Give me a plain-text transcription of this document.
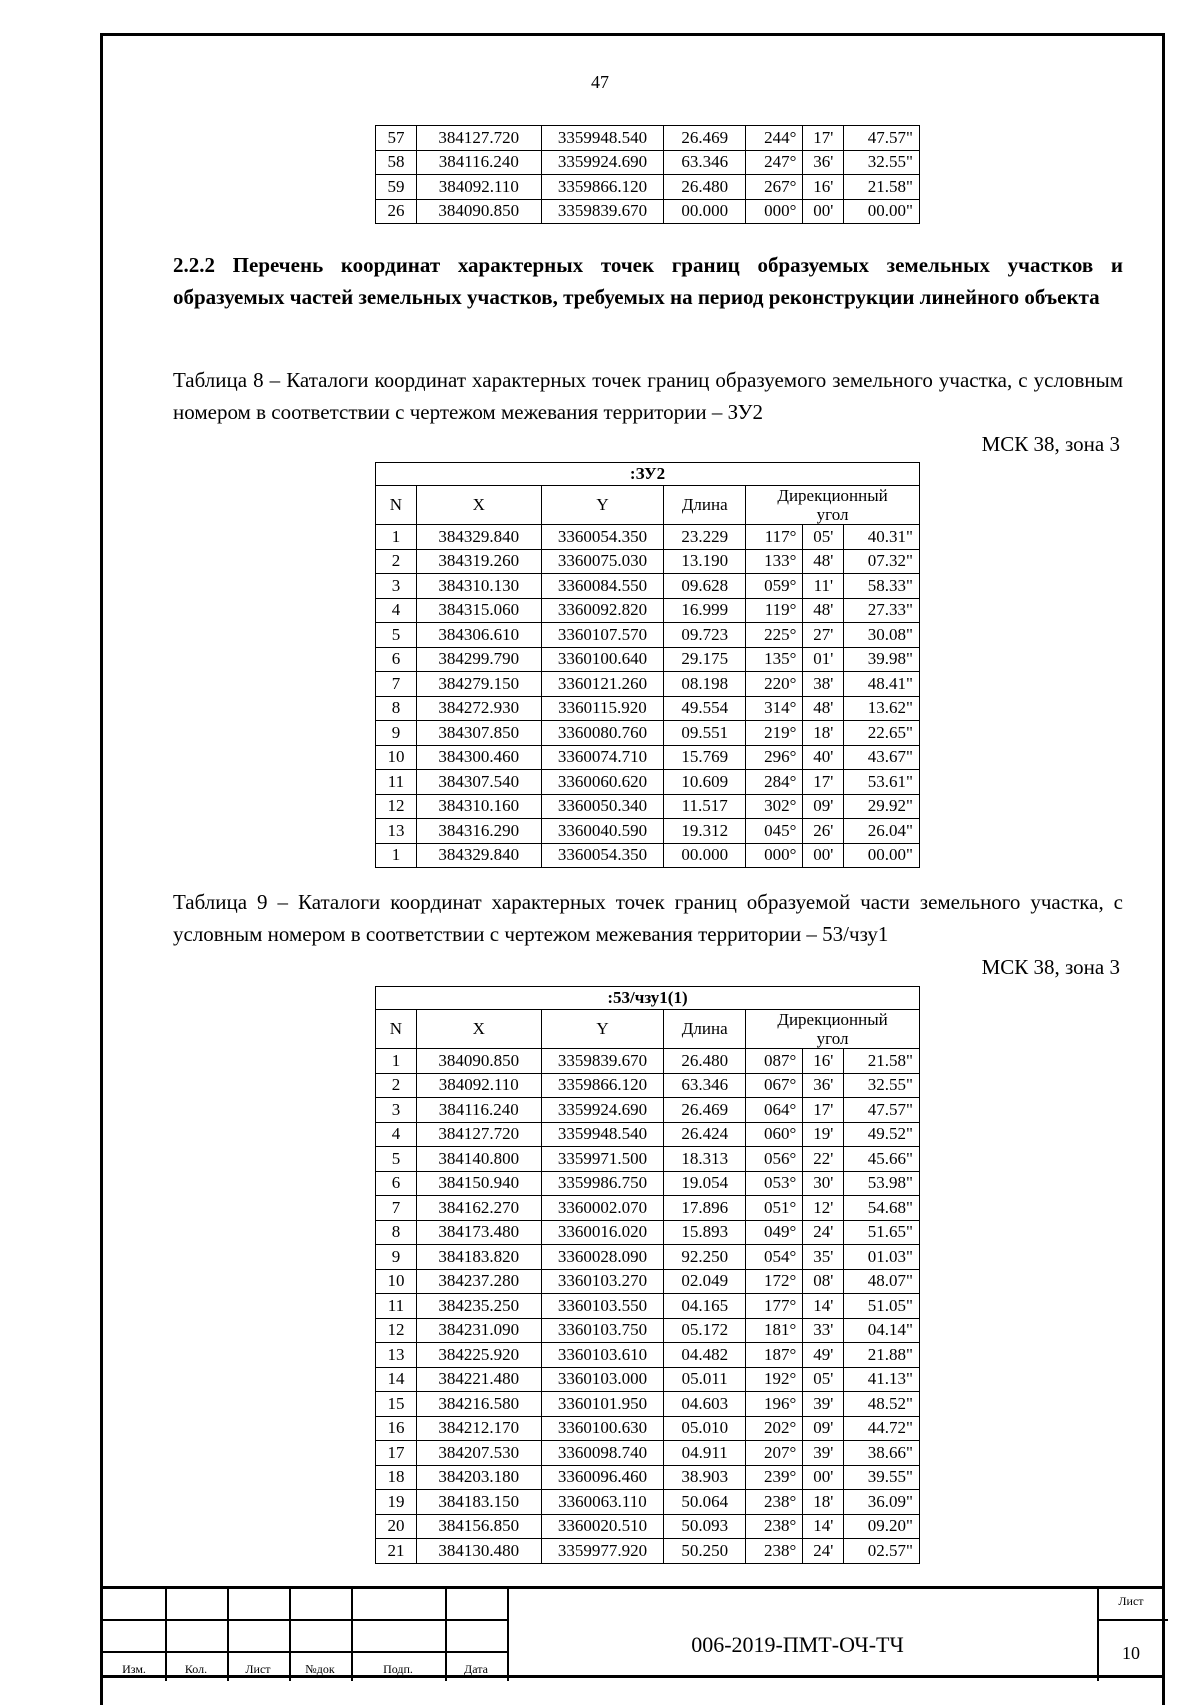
47
57	384127.720	3359948.540	26.469	244°	17'	47.57"
58	384116.240	3359924.690	63.346	247°	36'	32.55"
59	384092.110	3359866.120	26.480	267°	16'	21.58"
26	384090.850	3359839.670	00.000	000°	00'	00.00"

2.2.2 Перечень координат характерных точек границ образуемых земельных участков и образуемых частей земельных участков, требуемых на период реконструкции линейного объекта

Таблица 8 – Каталоги координат характерных точек границ образуемого земельного участка, с условным номером в соответствии с чертежом межевания территории – ЗУ2

МСК 38, зона 3
:ЗУ2						
N	X	Y	Длина	Дирекционный
угол		
1	384329.840	3360054.350	23.229	117°	05'	40.31"
2	384319.260	3360075.030	13.190	133°	48'	07.32"
3	384310.130	3360084.550	09.628	059°	11'	58.33"
4	384315.060	3360092.820	16.999	119°	48'	27.33"
5	384306.610	3360107.570	09.723	225°	27'	30.08"
6	384299.790	3360100.640	29.175	135°	01'	39.98"
7	384279.150	3360121.260	08.198	220°	38'	48.41"
8	384272.930	3360115.920	49.554	314°	48'	13.62"
9	384307.850	3360080.760	09.551	219°	18'	22.65"
10	384300.460	3360074.710	15.769	296°	40'	43.67"
11	384307.540	3360060.620	10.609	284°	17'	53.61"
12	384310.160	3360050.340	11.517	302°	09'	29.92"
13	384316.290	3360040.590	19.312	045°	26'	26.04"
1	384329.840	3360054.350	00.000	000°	00'	00.00"

Таблица 9 – Каталоги координат характерных точек границ образуемой части земельного участка, с условным номером в соответствии с чертежом межевания территории – 53/чзу1

МСК 38, зона 3
:53/чзу1(1)						
N	X	Y	Длина	Дирекционный
угол		
1	384090.850	3359839.670	26.480	087°	16'	21.58"
2	384092.110	3359866.120	63.346	067°	36'	32.55"
3	384116.240	3359924.690	26.469	064°	17'	47.57"
4	384127.720	3359948.540	26.424	060°	19'	49.52"
5	384140.800	3359971.500	18.313	056°	22'	45.66"
6	384150.940	3359986.750	19.054	053°	30'	53.98"
7	384162.270	3360002.070	17.896	051°	12'	54.68"
8	384173.480	3360016.020	15.893	049°	24'	51.65"
9	384183.820	3360028.090	92.250	054°	35'	01.03"
10	384237.280	3360103.270	02.049	172°	08'	48.07"
11	384235.250	3360103.550	04.165	177°	14'	51.05"
12	384231.090	3360103.750	05.172	181°	33'	04.14"
13	384225.920	3360103.610	04.482	187°	49'	21.88"
14	384221.480	3360103.000	05.011	192°	05'	41.13"
15	384216.580	3360101.950	04.603	196°	39'	48.52"
16	384212.170	3360100.630	05.010	202°	09'	44.72"
17	384207.530	3360098.740	04.911	207°	39'	38.66"
18	384203.180	3360096.460	38.903	239°	00'	39.55"
19	384183.150	3360063.110	50.064	238°	18'	36.09"
20	384156.850	3360020.510	50.093	238°	14'	09.20"
21	384130.480	3359977.920	50.250	238°	24'	02.57"
Изм.	Кол.	Лист	№док	Подп.	Дата
006-2019-ПМТ-ОЧ-ТЧ
Лист
10
